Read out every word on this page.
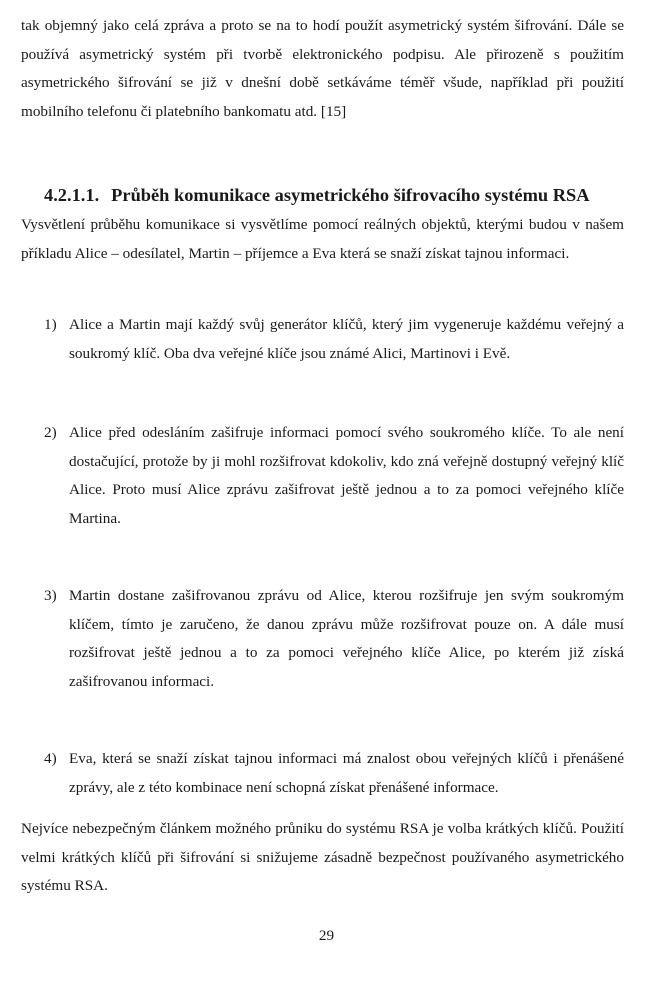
tak objemný jako celá zpráva a proto se na to hodí použít asymetrický systém šifrování. Dále se používá asymetrický systém při tvorbě elektronického podpisu. Ale přirozeně s použitím asymetrického šifrování se již v dnešní době setkáváme téměř všude, například při použití mobilního telefonu či platebního bankomatu atd. [15]

4.2.1.1. Průběh komunikace asymetrického šifrovacího systému RSA

Vysvětlení průběhu komunikace si vysvětlíme pomocí reálných objektů, kterými budou v našem příkladu Alice – odesílatel, Martin – příjemce a Eva která se snaží získat tajnou informaci.

1) Alice a Martin mají každý svůj generátor klíčů, který jim vygeneruje každému veřejný a soukromý klíč. Oba dva veřejné klíče jsou známé Alici, Martinovi i Evě.
2) Alice před odesláním zašifruje informaci pomocí svého soukromého klíče. To ale není dostačující, protože by ji mohl rozšifrovat kdokoliv, kdo zná veřejně dostupný veřejný klíč Alice. Proto musí Alice zprávu zašifrovat ještě jednou a to za pomoci veřejného klíče Martina.
3) Martin dostane zašifrovanou zprávu od Alice, kterou rozšifruje jen svým soukromým klíčem, tímto je zaručeno, že danou zprávu může rozšifrovat pouze on. A dále musí rozšifrovat ještě jednou a to za pomoci veřejného klíče Alice, po kterém již získá zašifrovanou informaci.
4) Eva, která se snaží získat tajnou informaci má znalost obou veřejných klíčů i přenášené zprávy, ale z této kombinace není schopná získat přenášené informace.

Nejvíce nebezpečným článkem možného průniku do systému RSA je volba krátkých klíčů. Použití velmi krátkých klíčů při šifrování si snižujeme zásadně bezpečnost používaného asymetrického systému RSA.

29
